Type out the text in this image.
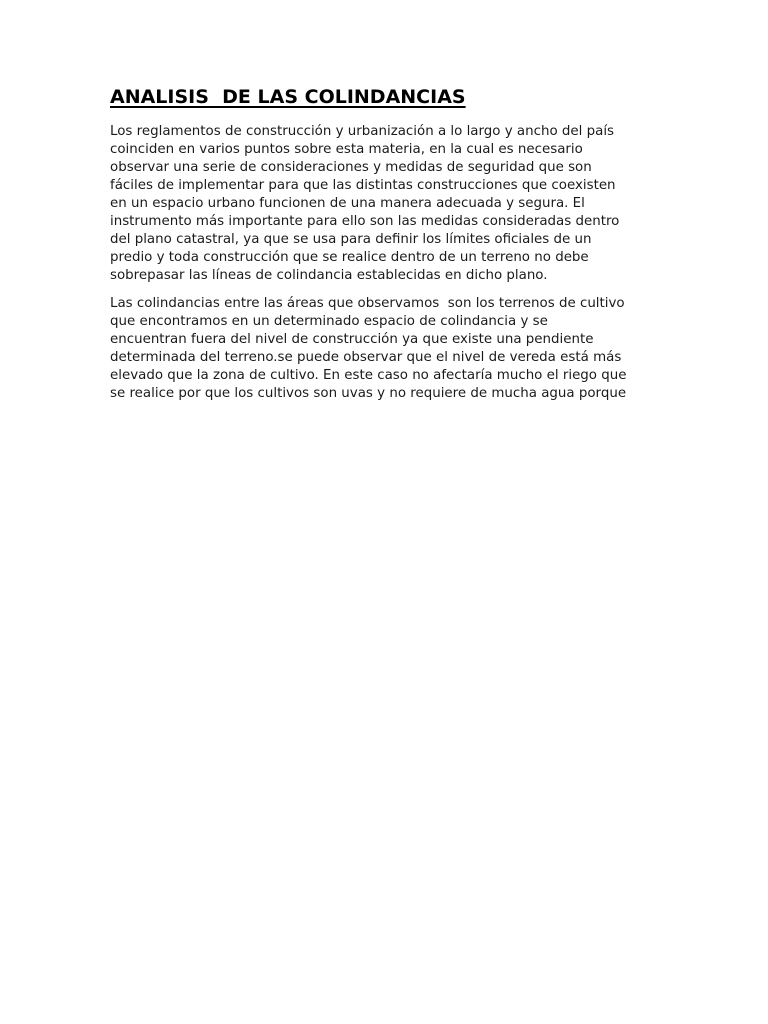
ANALISIS  DE LAS COLINDANCIAS

Los reglamentos de construcción y urbanización a lo largo y ancho del país
coinciden en varios puntos sobre esta materia, en la cual es necesario
observar una serie de consideraciones y medidas de seguridad que son
fáciles de implementar para que las distintas construcciones que coexisten
en un espacio urbano funcionen de una manera adecuada y segura. El
instrumento más importante para ello son las medidas consideradas dentro
del plano catastral, ya que se usa para definir los límites oficiales de un
predio y toda construcción que se realice dentro de un terreno no debe
sobrepasar las líneas de colindancia establecidas en dicho plano.

Las colindancias entre las áreas que observamos  son los terrenos de cultivo
que encontramos en un determinado espacio de colindancia y se
encuentran fuera del nivel de construcción ya que existe una pendiente
determinada del terreno.se puede observar que el nivel de vereda está más
elevado que la zona de cultivo. En este caso no afectaría mucho el riego que
se realice por que los cultivos son uvas y no requiere de mucha agua porque
